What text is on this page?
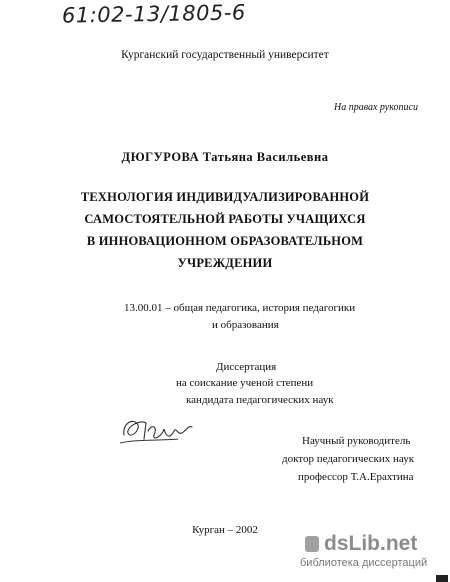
61:02-13/1805-6
Курганский государственный университет
На правах рукописи
ДЮГУРОВА Татьяна Васильевна
ТЕХНОЛОГИЯ ИНДИВИДУАЛИЗИРОВАННОЙ
САМОСТОЯТЕЛЬНОЙ РАБОТЫ УЧАЩИХСЯ
В ИННОВАЦИОННОМ ОБРАЗОВАТЕЛЬНОМ
УЧРЕЖДЕНИИ
13.00.01 – общая педагогика, история педагогики
и образования
Диссертация
на соискание ученой степени
кандидата педагогических наук
Научный руководитель
доктор педагогических наук
профессор Т.А.Ерахтина
Курган – 2002
dsLib.net
библиотека диссертаций
